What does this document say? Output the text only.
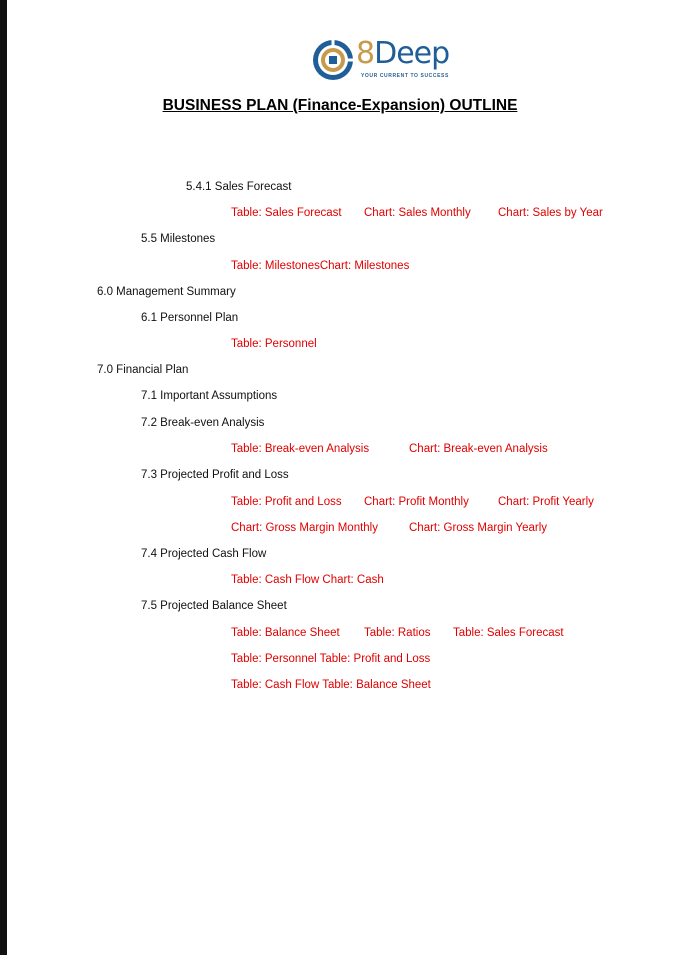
8Deep
YOUR CURRENT TO SUCCESS
BUSINESS PLAN (Finance-Expansion) OUTLINE
5.4.1 Sales Forecast
Table: Sales Forecast Chart: Sales Monthly Chart: Sales by Year
5.5 Milestones
Table: MilestonesChart: Milestones
6.0 Management Summary
6.1 Personnel Plan
Table: Personnel
7.0 Financial Plan
7.1 Important Assumptions
7.2 Break-even Analysis
Table: Break-even Analysis	Chart: Break-even Analysis
7.3 Projected Profit and Loss
Table: Profit and Loss Chart: Profit Monthly	Chart: Profit Yearly
Chart: Gross Margin Monthly	Chart: Gross Margin Yearly
7.4 Projected Cash Flow
Table: Cash Flow Chart: Cash
7.5 Projected Balance Sheet
Table: Balance Sheet Table: Ratios Table: Sales Forecast
Table: Personnel Table: Profit and Loss
Table: Cash Flow Table: Balance Sheet
